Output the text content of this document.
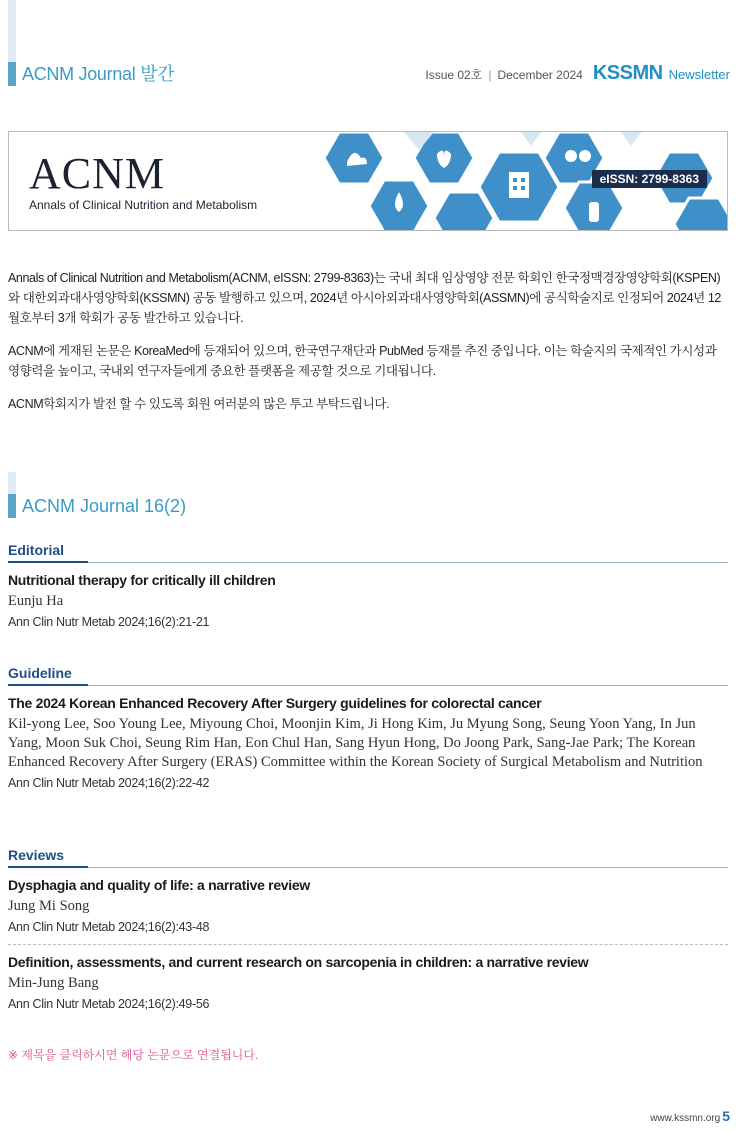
ACNM Journal 발간	Issue 02호 | December 2024 KSSMN Newsletter
ACNM
Annals of Clinical Nutrition and Metabolism
eISSN: 2799-8363

Annals of Clinical Nutrition and Metabolism(ACNM, eISSN: 2799-8363)는 국내 최대 임상영양 전문 학회인 한국정맥경장영양학회(KSPEN)와 대한외과대사영양학회(KSSMN) 공동 발행하고 있으며, 2024년 아시아외과대사영양학회(ASSMN)에 공식학술지로 인정되어 2024년 12월호부터 3개 학회가 공동 발간하고 있습니다.

ACNM에 게재된 논문은 KoreaMed에 등재되어 있으며, 한국연구재단과 PubMed 등재를 추진 중입니다. 이는 학술지의 국제적인 가시성과 영향력을 높이고, 국내외 연구자들에게 중요한 플랫폼을 제공할 것으로 기대됩니다.

ACNM학회지가 발전 할 수 있도록 회원 여러분의 많은 투고 부탁드립니다.

ACNM Journal 16(2)
Editorial
Nutritional therapy for critically ill children
Eunju Ha
Ann Clin Nutr Metab 2024;16(2):21-21
Guideline
The 2024 Korean Enhanced Recovery After Surgery guidelines for colorectal cancer
Kil-yong Lee, Soo Young Lee, Miyoung Choi, Moonjin Kim, Ji Hong Kim, Ju Myung Song, Seung Yoon Yang, In Jun Yang, Moon Suk Choi, Seung Rim Han, Eon Chul Han, Sang Hyun Hong, Do Joong Park, Sang-Jae Park; The Korean Enhanced Recovery After Surgery (ERAS) Committee within the Korean Society of Surgical Metabolism and Nutrition
Ann Clin Nutr Metab 2024;16(2):22-42
Reviews
Dysphagia and quality of life: a narrative review
Jung Mi Song
Ann Clin Nutr Metab 2024;16(2):43-48
Definition, assessments, and current research on sarcopenia in children: a narrative review
Min-Jung Bang
Ann Clin Nutr Metab 2024;16(2):49-56
※ 제목을 클릭하시면 해당 논문으로 연결됩니다.
www.kssmn.org 5
